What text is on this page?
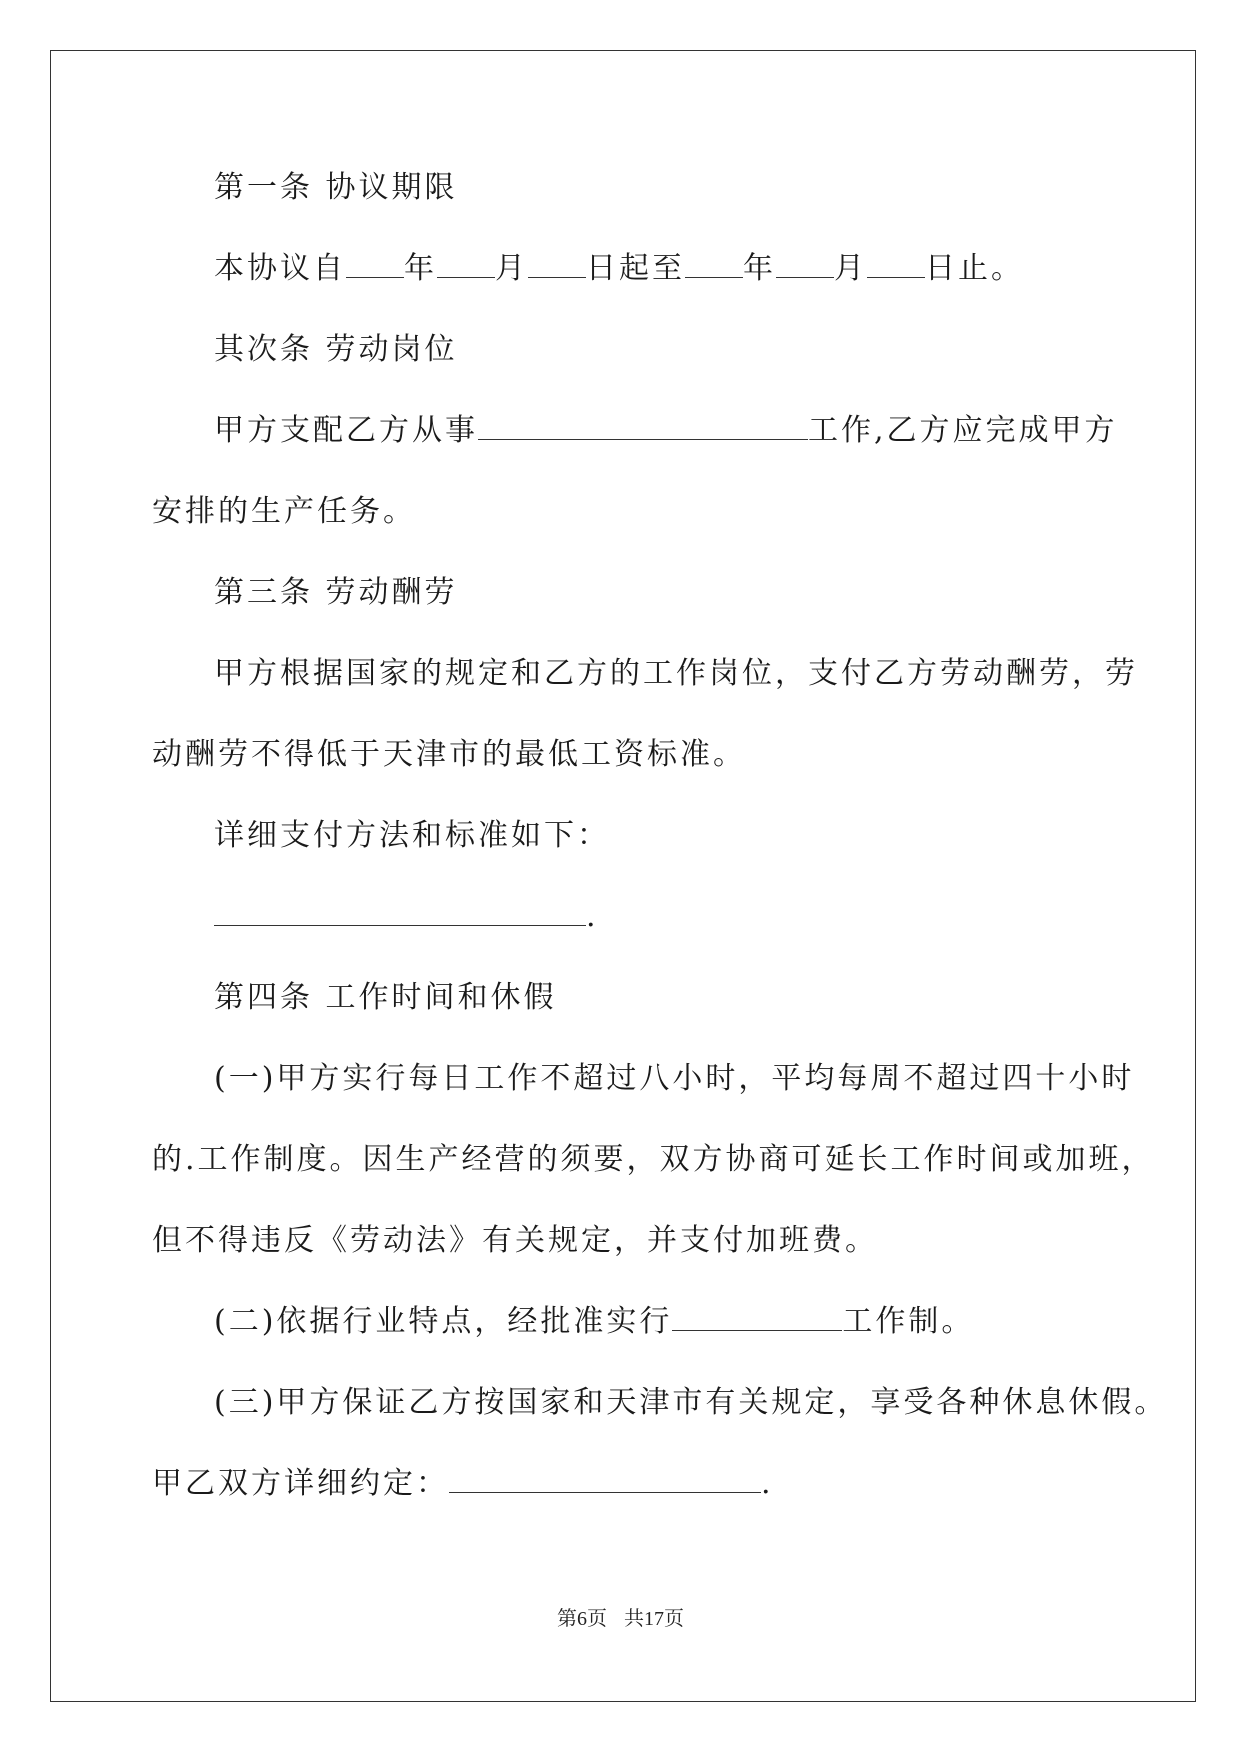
第一条 协议期限
本协议自 年 月 日起至 年 月 日止。
其次条 劳动岗位
甲方支配乙方从事	工作,乙方应完成甲方
安排的生产任务。
第三条 劳动酬劳
甲方根据国家的规定和乙方的工作岗位，支付乙方劳动酬劳，劳
动酬劳不得低于天津市的最低工资标准。
详细支付方法和标准如下：
.
第四条 工作时间和休假
(一)甲方实行每日工作不超过八小时，平均每周不超过四十小时
的.工作制度。因生产经营的须要，双方协商可延长工作时间或加班，
但不得违反《劳动法》有关规定，并支付加班费。
(二)依据行业特点，经批准实行	工作制。
(三)甲方保证乙方按国家和天津市有关规定，享受各种休息休假。
甲乙双方详细约定：	.
第6页 共17页
